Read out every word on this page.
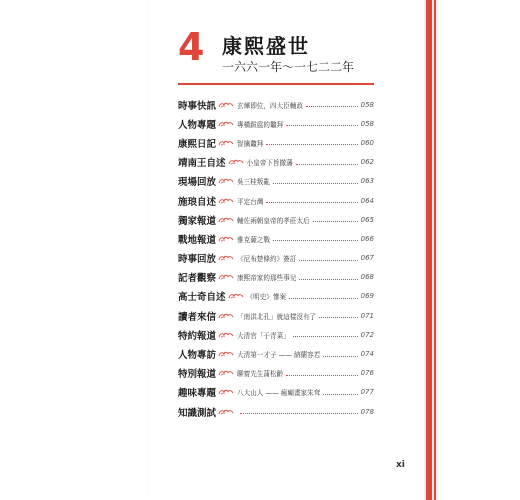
4 康熙盛世
一六六一年～一七二二年
時事快訊	玄燁即位，四大臣輔政	058
人物專題	專橫跋扈的鼇拜	058
康熙日記	智擒鼇拜	060
靖南王自述	小皇帝下旨撤藩	062
現場回放	吳三桂叛亂	063
施琅自述	平定台灣	064
獨家報道	輔佐兩朝皇帝的孝莊太后	065
戰地報道	雅克薩之戰	066
時事回放	《尼布楚條約》簽訂	067
記者觀察	康熙帝家的那些事兒	068
高士奇自述	《明史》慘案	069
讀者來信	「南洪北孔」就這樣沒有了	071
特約報道	大清官「于青菜」	072
人物專訪	大清第一才子 —— 納蘭容若	074
特別報道	聊齋先生蒲松齡	076
趣味專題	八大山人 —— 瘋癲畫家朱耷	077
知識測試	078
xi
